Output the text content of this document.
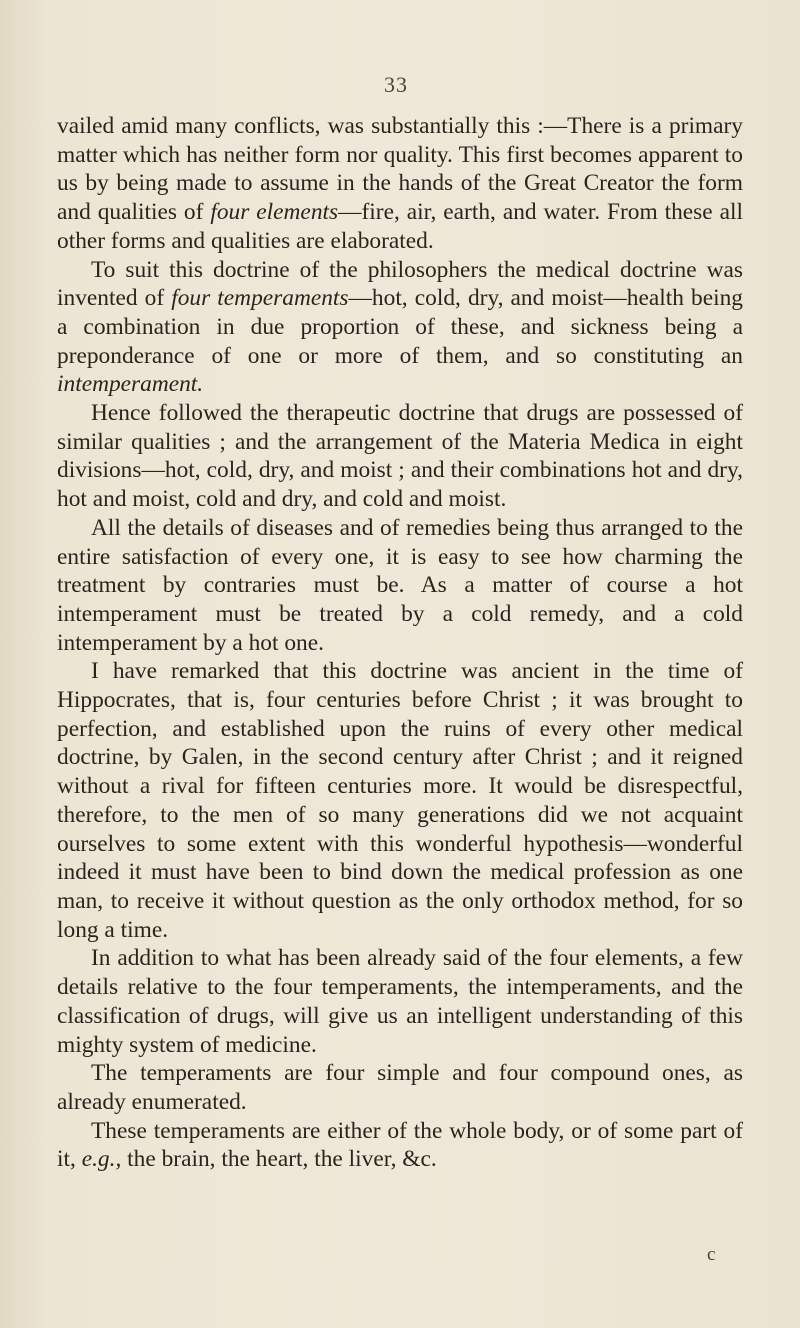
33

vailed amid many conflicts, was substantially this :—There is a primary matter which has neither form nor quality. This first becomes apparent to us by being made to assume in the hands of the Great Creator the form and qualities of four elements—fire, air, earth, and water. From these all other forms and qualities are elaborated.

To suit this doctrine of the philosophers the medical doctrine was invented of four temperaments—hot, cold, dry, and moist—health being a combination in due proportion of these, and sickness being a preponderance of one or more of them, and so constituting an intemperament.

Hence followed the therapeutic doctrine that drugs are possessed of similar qualities ; and the arrangement of the Materia Medica in eight divisions—hot, cold, dry, and moist ; and their combinations hot and dry, hot and moist, cold and dry, and cold and moist.

All the details of diseases and of remedies being thus arranged to the entire satisfaction of every one, it is easy to see how charming the treatment by contraries must be. As a matter of course a hot intemperament must be treated by a cold remedy, and a cold intemperament by a hot one.

I have remarked that this doctrine was ancient in the time of Hippocrates, that is, four centuries before Christ ; it was brought to perfection, and established upon the ruins of every other medical doctrine, by Galen, in the second century after Christ ; and it reigned without a rival for fifteen centuries more. It would be disrespectful, therefore, to the men of so many generations did we not acquaint ourselves to some extent with this wonderful hypothesis—wonderful indeed it must have been to bind down the medical profession as one man, to receive it without question as the only orthodox method, for so long a time.

In addition to what has been already said of the four elements, a few details relative to the four temperaments, the intemperaments, and the classification of drugs, will give us an intelligent understanding of this mighty system of medicine.

The temperaments are four simple and four compound ones, as already enumerated.

These temperaments are either of the whole body, or of some part of it, e.g., the brain, the heart, the liver, &c.

c
